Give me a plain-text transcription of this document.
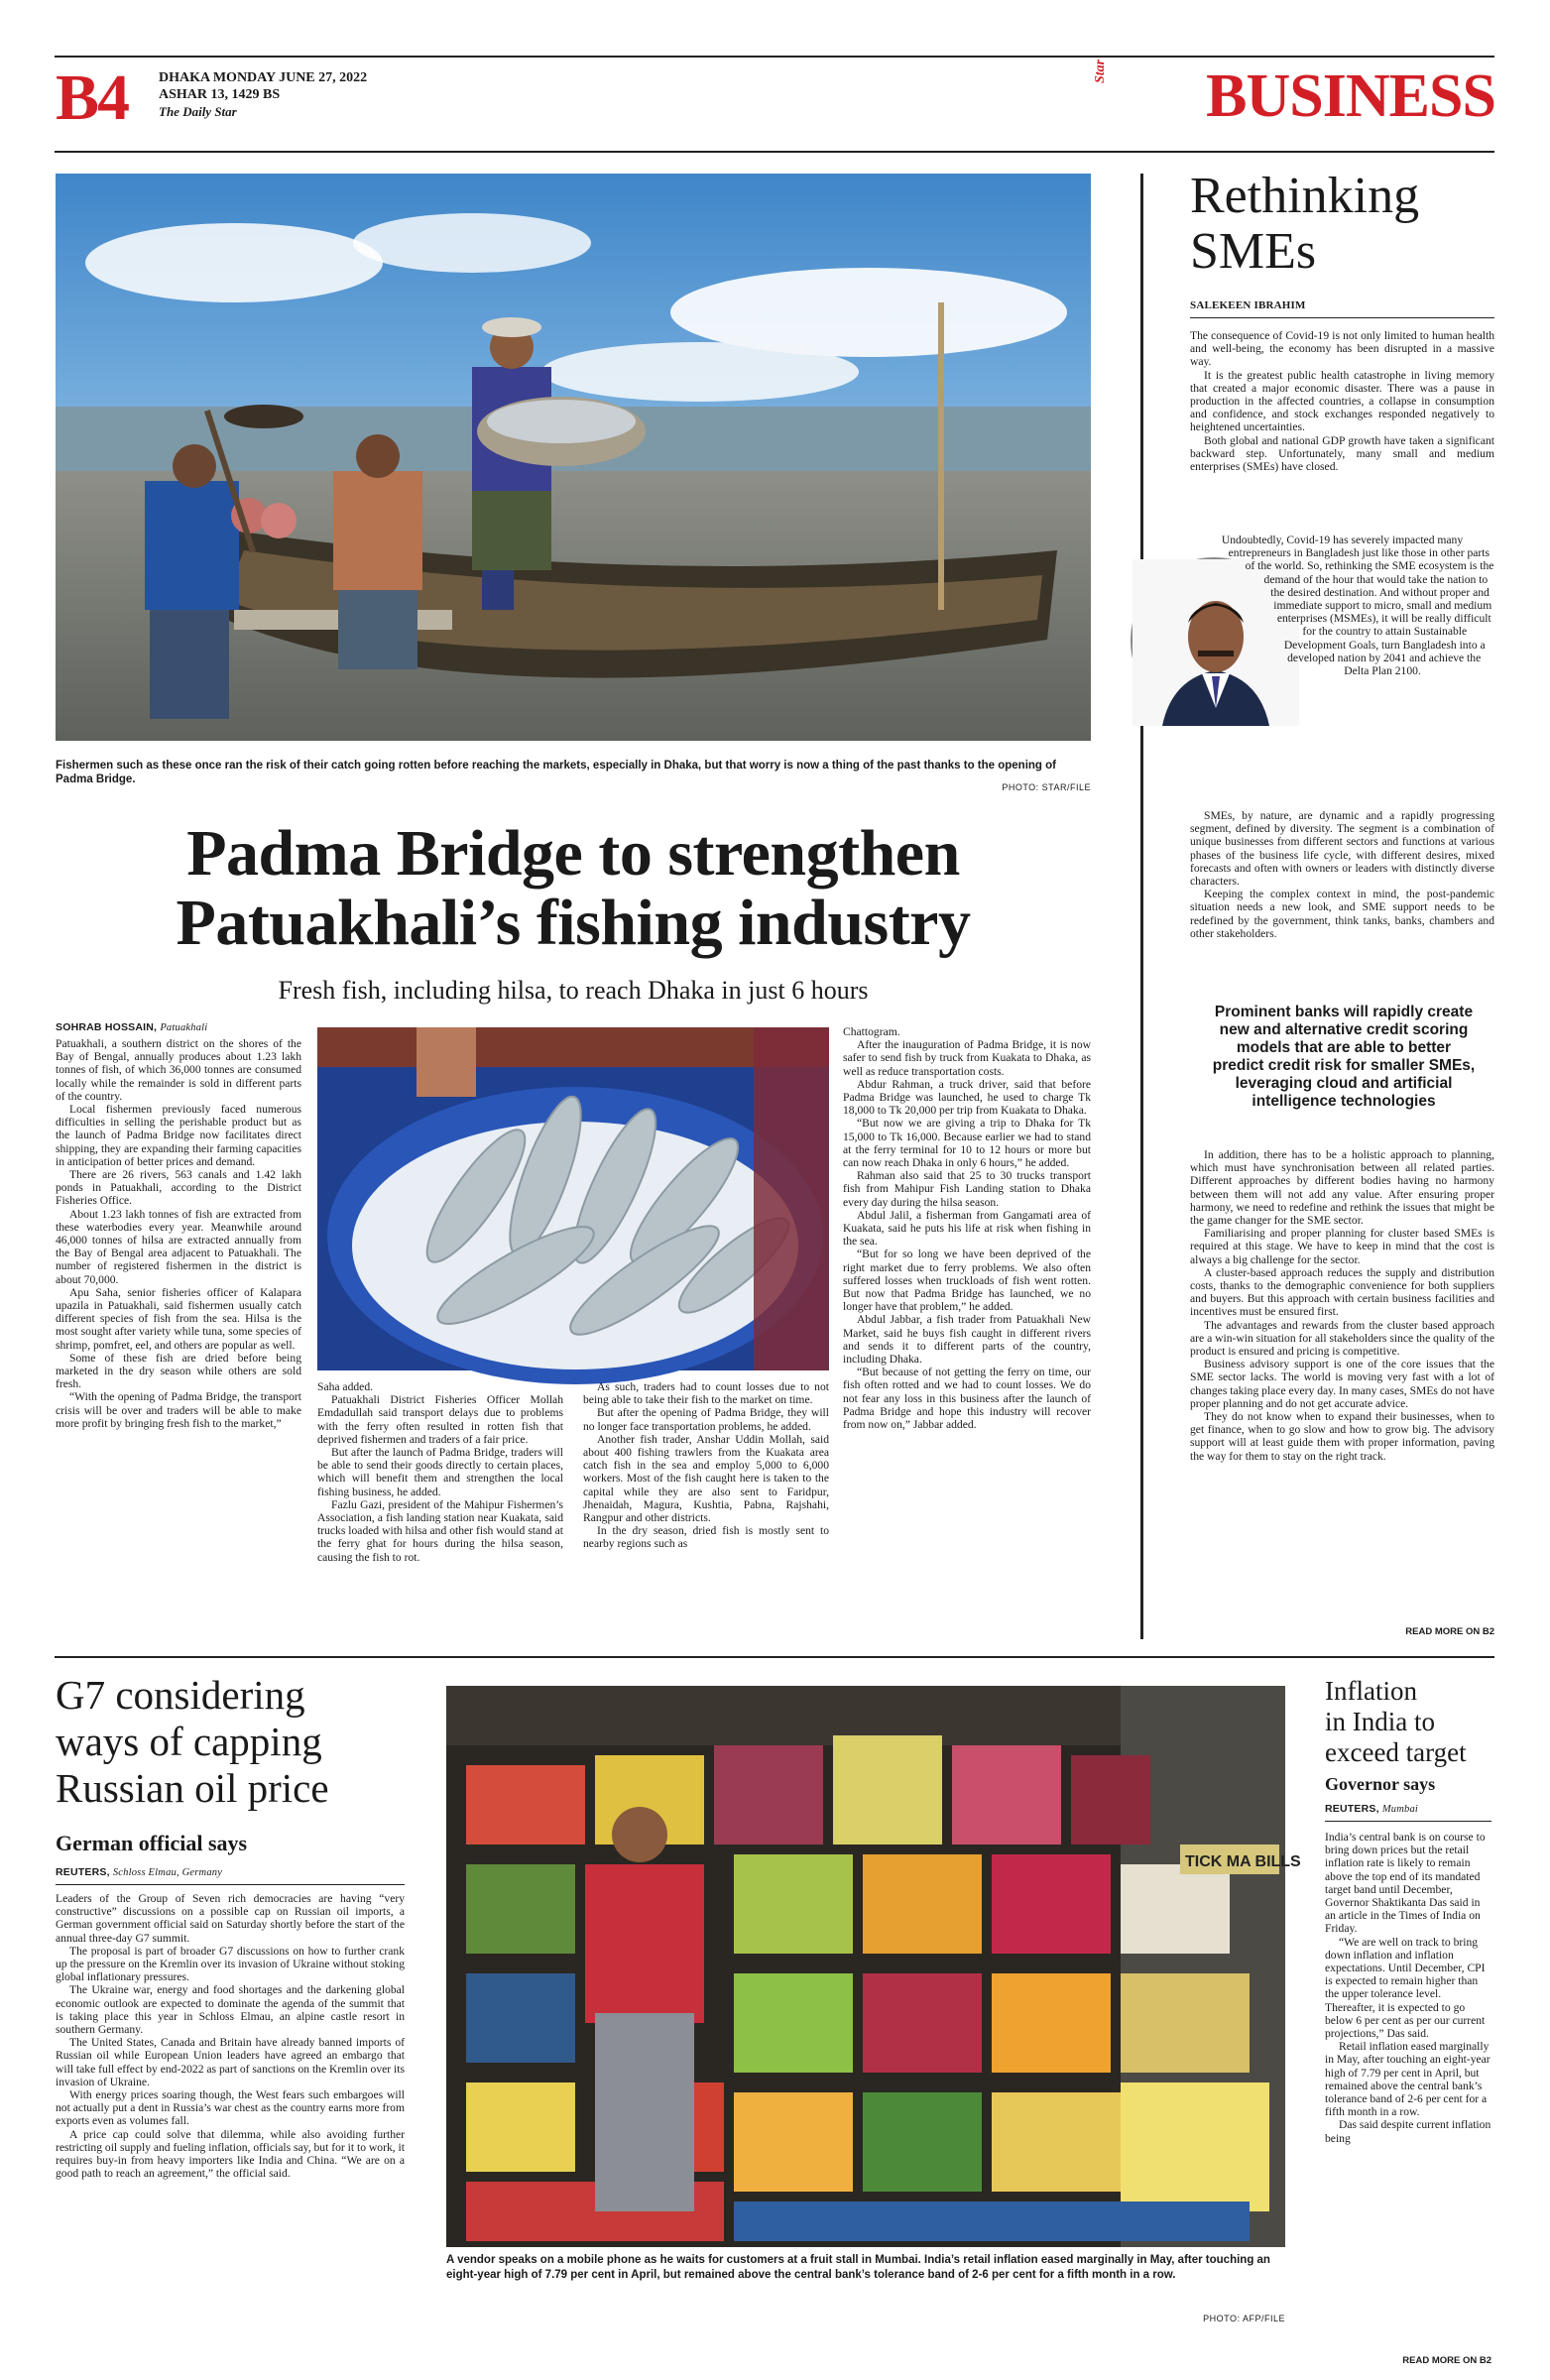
B4 DHAKA MONDAY JUNE 27, 2022
ASHAR 13, 1429 BS
The Daily Star
Star	BUSINESS
Fishermen such as these once ran the risk of their catch going rotten before reaching the markets, especially in Dhaka, but that worry is now a thing of the past thanks to the opening of Padma Bridge.
PHOTO: STAR/FILE
Padma Bridge to strengthen
Patuakhali’s fishing industry
Fresh fish, including hilsa, to reach Dhaka in just 6 hours
SOHRAB HOSSAIN, Patuakhali

Patuakhali, a southern district on the shores of the Bay of Bengal, annually produces about 1.23 lakh tonnes of fish, of which 36,000 tonnes are consumed locally while the remainder is sold in different parts of the country.

Local fishermen previously faced numerous difficulties in selling the perishable product but as the launch of Padma Bridge now facilitates direct shipping, they are expanding their farming capacities in anticipation of better prices and demand.

There are 26 rivers, 563 canals and 1.42 lakh ponds in Patuakhali, according to the District Fisheries Office.

About 1.23 lakh tonnes of fish are extracted from these waterbodies every year. Meanwhile around 46,000 tonnes of hilsa are extracted annually from the Bay of Bengal area adjacent to Patuakhali. The number of registered fishermen in the district is about 70,000.

Apu Saha, senior fisheries officer of Kalapara upazila in Patuakhali, said fishermen usually catch different species of fish from the sea. Hilsa is the most sought after variety while tuna, some species of shrimp, pomfret, eel, and others are popular as well.

Some of these fish are dried before being marketed in the dry season while others are sold fresh.

“With the opening of Padma Bridge, the transport crisis will be over and traders will be able to make more profit by bringing fresh fish to the market,”

Saha added.

Patuakhali District Fisheries Officer Mollah Emdadullah said transport delays due to problems with the ferry often resulted in rotten fish that deprived fishermen and traders of a fair price.

But after the launch of Padma Bridge, traders will be able to send their goods directly to certain places, which will benefit them and strengthen the local fishing business, he added.

Fazlu Gazi, president of the Mahipur Fishermen’s Association, a fish landing station near Kuakata, said trucks loaded with hilsa and other fish would stand at the ferry ghat for hours during the hilsa season, causing the fish to rot.

As such, traders had to count losses due to not being able to take their fish to the market on time.

But after the opening of Padma Bridge, they will no longer face transportation problems, he added.

Another fish trader, Anshar Uddin Mollah, said about 400 fishing trawlers from the Kuakata area catch fish in the sea and employ 5,000 to 6,000 workers. Most of the fish caught here is taken to the capital while they are also sent to Faridpur, Jhenaidah, Magura, Kushtia, Pabna, Rajshahi, Rangpur and other districts.

In the dry season, dried fish is mostly sent to nearby regions such as

Chattogram.

After the inauguration of Padma Bridge, it is now safer to send fish by truck from Kuakata to Dhaka, as well as reduce transportation costs.

Abdur Rahman, a truck driver, said that before Padma Bridge was launched, he used to charge Tk 18,000 to Tk 20,000 per trip from Kuakata to Dhaka.

“But now we are giving a trip to Dhaka for Tk 15,000 to Tk 16,000. Because earlier we had to stand at the ferry terminal for 10 to 12 hours or more but can now reach Dhaka in only 6 hours,” he added.

Rahman also said that 25 to 30 trucks transport fish from Mahipur Fish Landing station to Dhaka every day during the hilsa season.

Abdul Jalil, a fisherman from Gangamati area of Kuakata, said he puts his life at risk when fishing in the sea.

“But for so long we have been deprived of the right market due to ferry problems. We also often suffered losses when truckloads of fish went rotten. But now that Padma Bridge has launched, we no longer have that problem,” he added.

Abdul Jabbar, a fish trader from Patuakhali New Market, said he buys fish caught in different rivers and sends it to different parts of the country, including Dhaka.

“But because of not getting the ferry on time, our fish often rotted and we had to count losses. We do not fear any loss in this business after the launch of Padma Bridge and hope this industry will recover from now on,” Jabbar added.

Rethinking
SMEs
SALEKEEN IBRAHIM

The consequence of Covid-19 is not only limited to human health and well-being, the economy has been disrupted in a massive way.

It is the greatest public health catastrophe in living memory that created a major economic disaster. There was a pause in production in the affected countries, a collapse in consumption and confidence, and stock exchanges responded negatively to heightened uncertainties.

Both global and national GDP growth have taken a significant backward step. Unfortunately, many small and medium enterprises (SMEs) have closed.

Undoubtedly, Covid-19 has severely impacted many entrepreneurs in Bangladesh just like those in other parts of the world. So, rethinking the SME ecosystem is the demand of the hour that would take the nation to the desired destination. And without proper and immediate support to micro, small and medium enterprises (MSMEs), it will be really difficult for the country to attain Sustainable Development Goals, turn Bangladesh into a developed nation by 2041 and achieve the Delta Plan 2100.

SMEs, by nature, are dynamic and a rapidly progressing segment, defined by diversity. The segment is a combination of unique businesses from different sectors and functions at various phases of the business life cycle, with different desires, mixed forecasts and often with owners or leaders with distinctly diverse characters.

Keeping the complex context in mind, the post-pandemic situation needs a new look, and SME support needs to be redefined by the government, think tanks, banks, chambers and other stakeholders.

Prominent banks will rapidly create new and alternative credit scoring models that are able to better predict credit risk for smaller SMEs, leveraging cloud and artificial intelligence technologies

In addition, there has to be a holistic approach to planning, which must have synchronisation between all related parties. Different approaches by different bodies having no harmony between them will not add any value. After ensuring proper harmony, we need to redefine and rethink the issues that might be the game changer for the SME sector.

Familiarising and proper planning for cluster based SMEs is required at this stage. We have to keep in mind that the cost is always a big challenge for the sector.

A cluster-based approach reduces the supply and distribution costs, thanks to the demographic convenience for both suppliers and buyers. But this approach with certain business facilities and incentives must be ensured first.

The advantages and rewards from the cluster based approach are a win-win situation for all stakeholders since the quality of the product is ensured and pricing is competitive.

Business advisory support is one of the core issues that the SME sector lacks. The world is moving very fast with a lot of changes taking place every day. In many cases, SMEs do not have proper planning and do not get accurate advice.

They do not know when to expand their businesses, when to get finance, when to go slow and how to grow big. The advisory support will at least guide them with proper information, paving the way for them to stay on the right track.

READ MORE ON B2
G7 considering
ways of capping
Russian oil price
German official says
REUTERS, Schloss Elmau, Germany

Leaders of the Group of Seven rich democracies are having “very constructive” discussions on a possible cap on Russian oil imports, a German government official said on Saturday shortly before the start of the annual three-day G7 summit.

The proposal is part of broader G7 discussions on how to further crank up the pressure on the Kremlin over its invasion of Ukraine without stoking global inflationary pressures.

The Ukraine war, energy and food shortages and the darkening global economic outlook are expected to dominate the agenda of the summit that is taking place this year in Schloss Elmau, an alpine castle resort in southern Germany.

The United States, Canada and Britain have already banned imports of Russian oil while European Union leaders have agreed an embargo that will take full effect by end-2022 as part of sanctions on the Kremlin over its invasion of Ukraine.

With energy prices soaring though, the West fears such embargoes will not actually put a dent in Russia’s war chest as the country earns more from exports even as volumes fall.

A price cap could solve that dilemma, while also avoiding further restricting oil supply and fueling inflation, officials say, but for it to work, it requires buy-in from heavy importers like India and China. “We are on a good path to reach an agreement,” the official said.

TICK MA BILLS
A vendor speaks on a mobile phone as he waits for customers at a fruit stall in Mumbai. India’s retail inflation eased marginally in May, after touching an eight-year high of 7.79 per cent in April, but remained above the central bank’s tolerance band of 2-6 per cent for a fifth month in a row.
PHOTO: AFP/FILE
Inflation
in India to
exceed target
Governor says
REUTERS, Mumbai

India’s central bank is on course to bring down prices but the retail inflation rate is likely to remain above the top end of its mandated target band until December, Governor Shaktikanta Das said in an article in the Times of India on Friday.

“We are well on track to bring down inflation and inflation expectations. Until December, CPI is expected to remain higher than the upper tolerance level. Thereafter, it is expected to go below 6 per cent as per our current projections,” Das said.

Retail inflation eased marginally in May, after touching an eight-year high of 7.79 per cent in April, but remained above the central bank’s tolerance band of 2-6 per cent for a fifth month in a row.

Das said despite current inflation being

READ MORE ON B2
